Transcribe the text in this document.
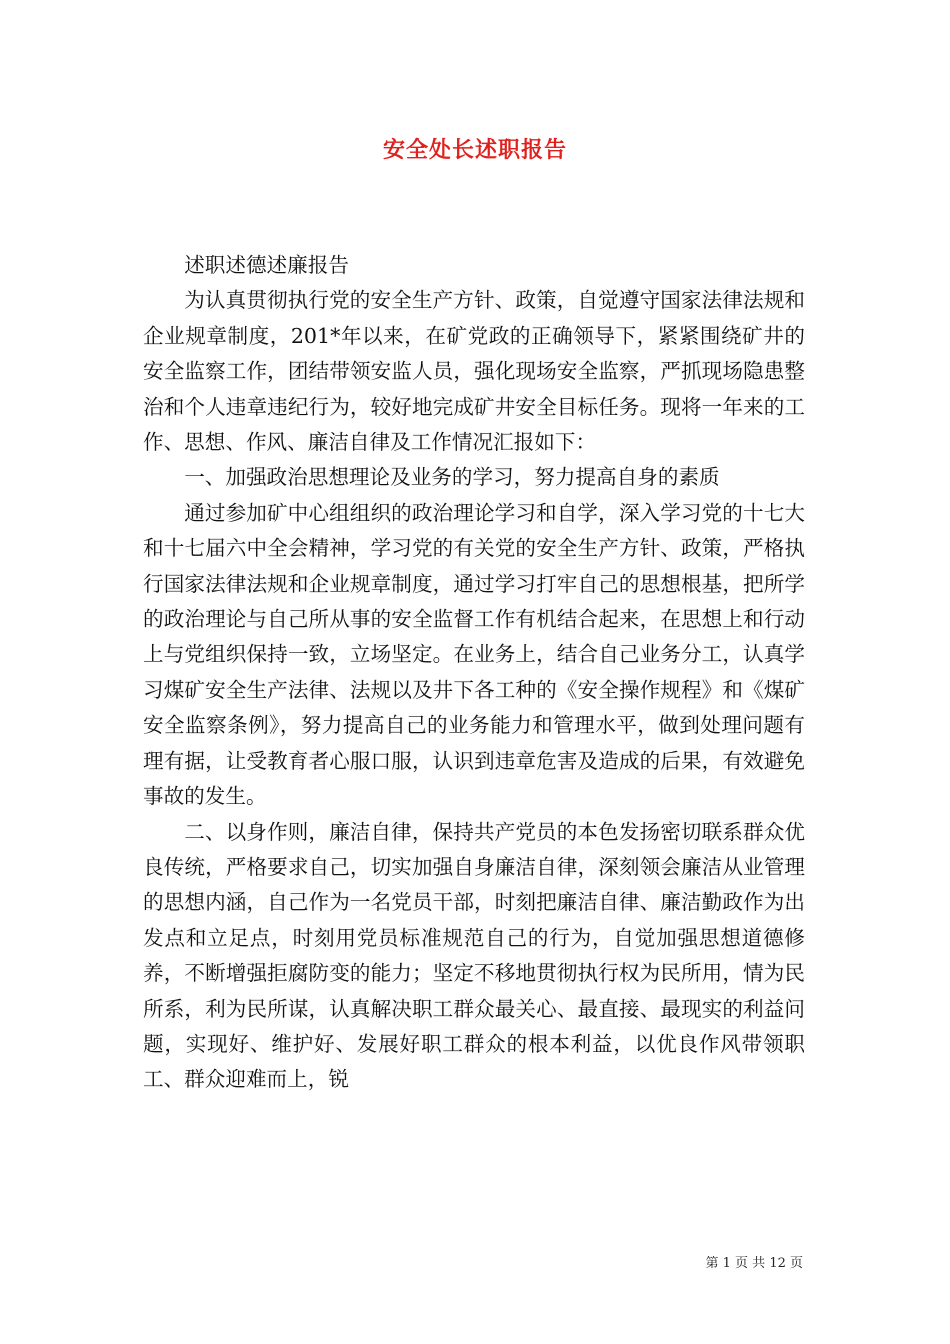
安全处长述职报告

述职述德述廉报告

为认真贯彻执行党的安全生产方针、政策，自觉遵守国家法律法规和企业规章制度，201*年以来，在矿党政的正确领导下，紧紧围绕矿井的安全监察工作，团结带领安监人员，强化现场安全监察，严抓现场隐患整治和个人违章违纪行为，较好地完成矿井安全目标任务。现将一年来的工作、思想、作风、廉洁自律及工作情况汇报如下：

一、加强政治思想理论及业务的学习，努力提高自身的素质

通过参加矿中心组组织的政治理论学习和自学，深入学习党的十七大和十七届六中全会精神，学习党的有关党的安全生产方针、政策，严格执行国家法律法规和企业规章制度，通过学习打牢自己的思想根基，把所学的政治理论与自己所从事的安全监督工作有机结合起来，在思想上和行动上与党组织保持一致，立场坚定。在业务上，结合自己业务分工，认真学习煤矿安全生产法律、法规以及井下各工种的《安全操作规程》和《煤矿安全监察条例》，努力提高自己的业务能力和管理水平，做到处理问题有理有据，让受教育者心服口服，认识到违章危害及造成的后果，有效避免事故的发生。

二、以身作则，廉洁自律，保持共产党员的本色发扬密切联系群众优良传统，严格要求自己，切实加强自身廉洁自律，深刻领会廉洁从业管理的思想内涵，自己作为一名党员干部，时刻把廉洁自律、廉洁勤政作为出发点和立足点，时刻用党员标准规范自己的行为，自觉加强思想道德修养，不断增强拒腐防变的能力；坚定不移地贯彻执行权为民所用，情为民所系，利为民所谋，认真解决职工群众最关心、最直接、最现实的利益问题，实现好、维护好、发展好职工群众的根本利益，以优良作风带领职工、群众迎难而上，锐

第 1 页 共 12 页
